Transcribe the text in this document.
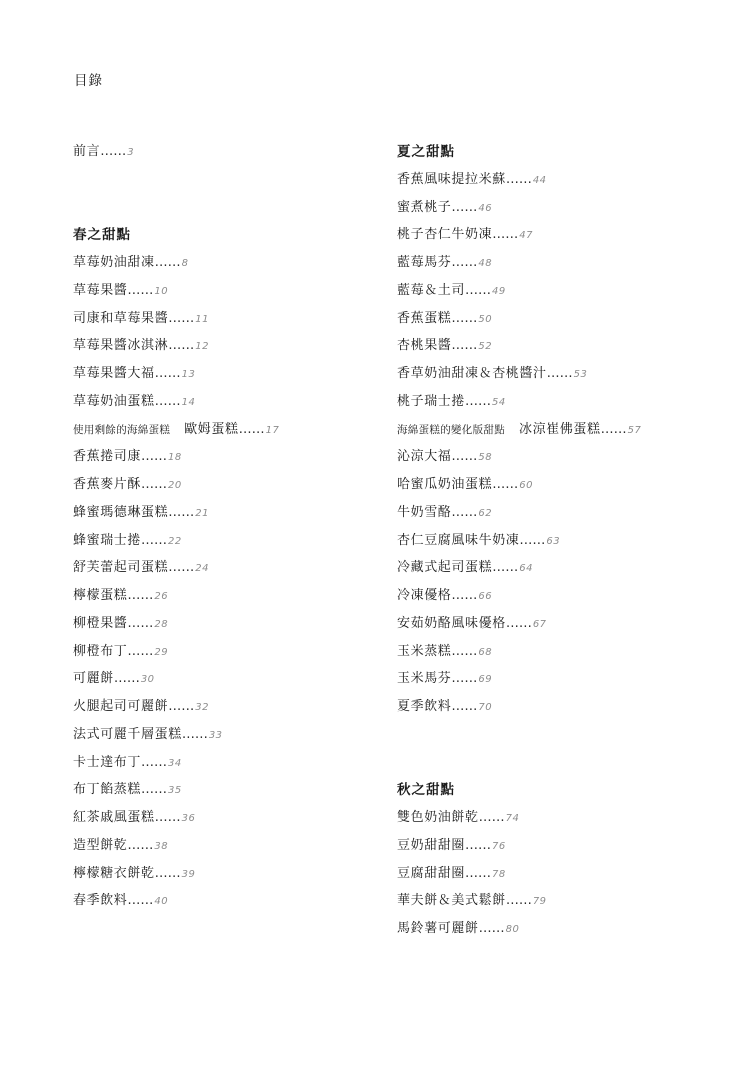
目錄
前言……3
春之甜點
草莓奶油甜凍……8
草莓果醬……10
司康和草莓果醬……11
草莓果醬冰淇淋……12
草莓果醬大福……13
草莓奶油蛋糕……14
使用剩餘的海綿蛋糕 歐姆蛋糕……17
香蕉捲司康……18
香蕉麥片酥……20
蜂蜜瑪德琳蛋糕……21
蜂蜜瑞士捲……22
舒芙蕾起司蛋糕……24
檸檬蛋糕……26
柳橙果醬……28
柳橙布丁……29
可麗餅……30
火腿起司可麗餅……32
法式可麗千層蛋糕……33
卡士達布丁……34
布丁餡蒸糕……35
紅茶戚風蛋糕……36
造型餅乾……38
檸檬糖衣餅乾……39
春季飲料……40
夏之甜點
香蕉風味提拉米蘇……44
蜜煮桃子……46
桃子杏仁牛奶凍……47
藍莓馬芬……48
藍莓＆土司……49
香蕉蛋糕……50
杏桃果醬……52
香草奶油甜凍＆杏桃醬汁……53
桃子瑞士捲……54
海綿蛋糕的變化版甜點 冰涼崔佛蛋糕……57
沁涼大福……58
哈蜜瓜奶油蛋糕……60
牛奶雪酪……62
杏仁豆腐風味牛奶凍……63
冷藏式起司蛋糕……64
冷凍優格……66
安茹奶酪風味優格……67
玉米蒸糕……68
玉米馬芬……69
夏季飲料……70
秋之甜點
雙色奶油餅乾……74
豆奶甜甜圈……76
豆腐甜甜圈……78
華夫餅＆美式鬆餅……79
馬鈴薯可麗餅……80
